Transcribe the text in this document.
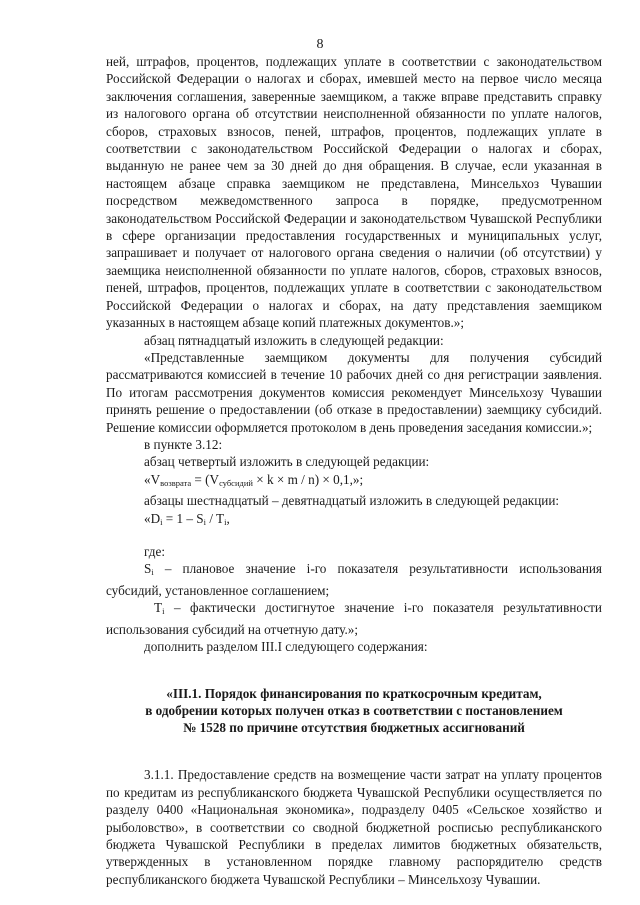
8
ней, штрафов, процентов, подлежащих уплате в соответствии с законодательством Российской Федерации о налогах и сборах, имевшей место на первое число месяца заключения соглашения, заверенные заемщиком, а также вправе представить справку из налогового органа об отсутствии неисполненной обязанности по уплате налогов, сборов, страховых взносов, пеней, штрафов, процентов, подлежащих уплате в соответствии с законодательством Российской Федерации о налогах и сборах, выданную не ранее чем за 30 дней до дня обращения. В случае, если указанная в настоящем абзаце справка заемщиком не представлена, Минсельхоз Чувашии посредством межведомственного запроса в порядке, предусмотренном законодательством Российской Федерации и законодательством Чувашской Республики в сфере организации предоставления государственных и муниципальных услуг, запрашивает и получает от налогового органа сведения о наличии (об отсутствии) у заемщика неисполненной обязанности по уплате налогов, сборов, страховых взносов, пеней, штрафов, процентов, подлежащих уплате в соответствии с законодательством Российской Федерации о налогах и сборах, на дату представления заемщиком указанных в настоящем абзаце копий платежных документов.»;
абзац пятнадцатый изложить в следующей редакции:
«Представленные заемщиком документы для получения субсидий рассматриваются комиссией в течение 10 рабочих дней со дня регистрации заявления. По итогам рассмотрения документов комиссия рекомендует Минсельхозу Чувашии принять решение о предоставлении (об отказе в предоставлении) заемщику субсидий. Решение комиссии оформляется протоколом в день проведения заседания комиссии.»;
в пункте 3.12:
абзац четвертый изложить в следующей редакции:
«$V_{возврата} = (V_{субсидий} \times k \times m / n) \times 0,1$,»;
абзацы шестнадцатый – девятнадцатый изложить в следующей редакции:
«$D_i = 1 - S_i / T_i$,
где:
$S_i$ – плановое значение i-го показателя результативности использования субсидий, установленное соглашением;
$T_i$ – фактически достигнутое значение i-го показателя результативности использования субсидий на отчетную дату.»;
дополнить разделом III.I следующего содержания:
«III.1. Порядок финансирования по краткосрочным кредитам,
в одобрении которых получен отказ в соответствии с постановлением
№ 1528 по причине отсутствия бюджетных ассигнований
3.1.1. Предоставление средств на возмещение части затрат на уплату процентов по кредитам из республиканского бюджета Чувашской Республики осуществляется по разделу 0400 «Национальная экономика», подразделу 0405 «Сельское хозяйство и рыболовство», в соответствии со сводной бюджетной росписью республиканского бюджета Чувашской Республики в пределах лимитов бюджетных обязательств, утвержденных в установленном порядке главному распорядителю средств республиканского бюджета Чувашской Республики – Минсельхозу Чувашии.
